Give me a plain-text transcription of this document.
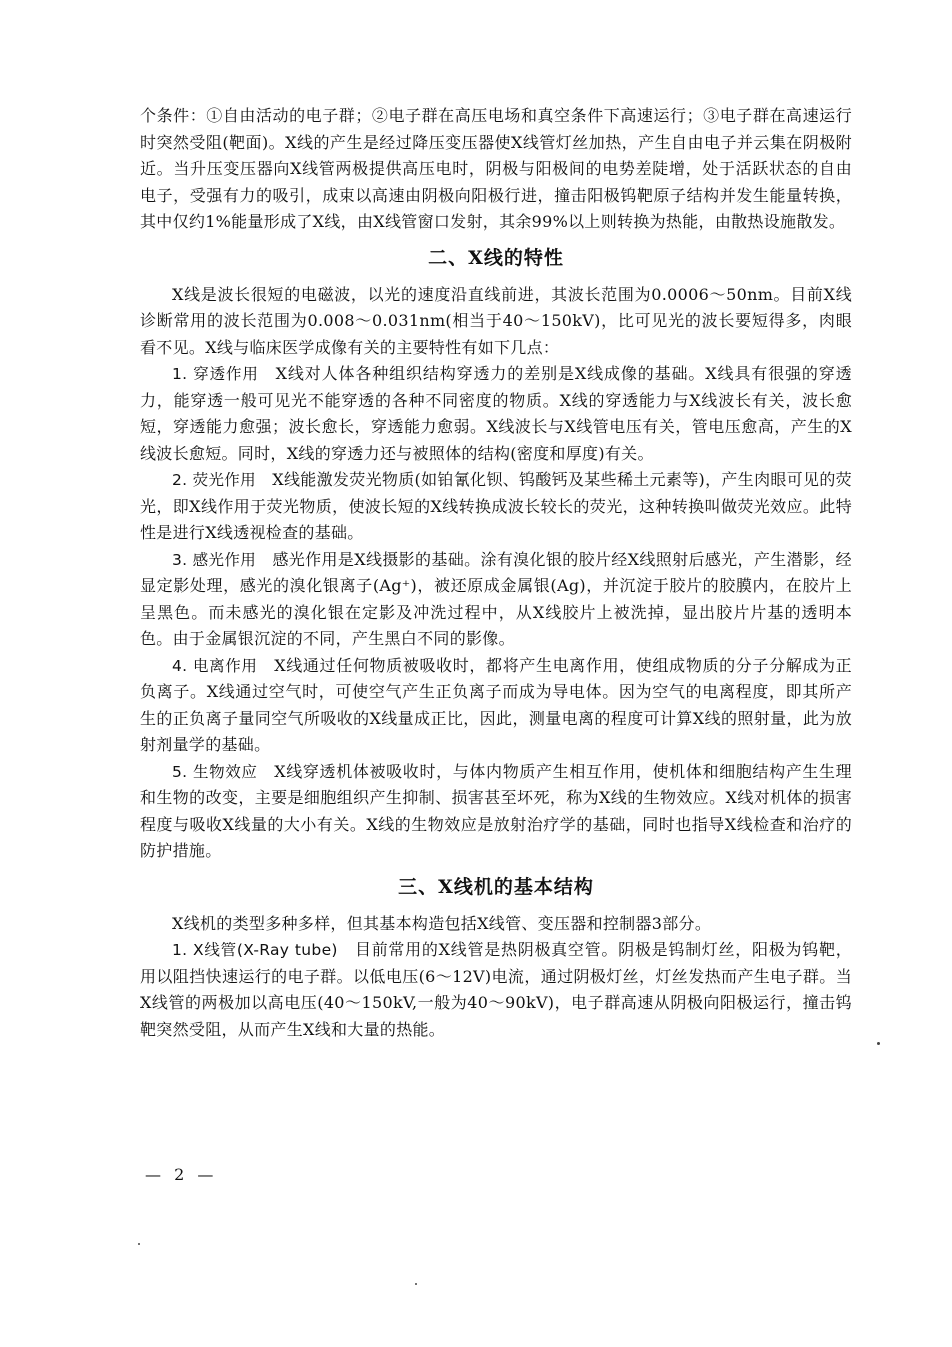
个条件：①自由活动的电子群；②电子群在高压电场和真空条件下高速运行；③电子群在高速运行时突然受阻(靶面)。X线的产生是经过降压变压器使X线管灯丝加热，产生自由电子并云集在阴极附近。当升压变压器向X线管两极提供高压电时，阴极与阳极间的电势差陡增，处于活跃状态的自由电子，受强有力的吸引，成束以高速由阴极向阳极行进，撞击阳极钨靶原子结构并发生能量转换，其中仅约1%能量形成了X线，由X线管窗口发射，其余99%以上则转换为热能，由散热设施散发。

二、X线的特性

X线是波长很短的电磁波，以光的速度沿直线前进，其波长范围为0.0006～50nm。目前X线诊断常用的波长范围为0.008～0.031nm(相当于40～150kV)，比可见光的波长要短得多，肉眼看不见。X线与临床医学成像有关的主要特性有如下几点：

1. 穿透作用　 X线对人体各种组织结构穿透力的差别是X线成像的基础。X线具有很强的穿透力，能穿透一般可见光不能穿透的各种不同密度的物质。X线的穿透能力与X线波长有关，波长愈短，穿透能力愈强；波长愈长，穿透能力愈弱。X线波长与X线管电压有关，管电压愈高，产生的X线波长愈短。同时，X线的穿透力还与被照体的结构(密度和厚度)有关。

2. 荧光作用　 X线能激发荧光物质(如铂氰化钡、钨酸钙及某些稀土元素等)，产生肉眼可见的荧光，即X线作用于荧光物质，使波长短的X线转换成波长较长的荧光，这种转换叫做荧光效应。此特性是进行X线透视检查的基础。

3. 感光作用　 感光作用是X线摄影的基础。涂有溴化银的胶片经X线照射后感光，产生潜影，经显定影处理，感光的溴化银离子(Ag⁺)，被还原成金属银(Ag)，并沉淀于胶片的胶膜内，在胶片上呈黑色。而未感光的溴化银在定影及冲洗过程中，从X线胶片上被洗掉，显出胶片片基的透明本色。由于金属银沉淀的不同，产生黑白不同的影像。

4. 电离作用　 X线通过任何物质被吸收时，都将产生电离作用，使组成物质的分子分解成为正负离子。X线通过空气时，可使空气产生正负离子而成为导电体。因为空气的电离程度，即其所产生的正负离子量同空气所吸收的X线量成正比，因此，测量电离的程度可计算X线的照射量，此为放射剂量学的基础。

5. 生物效应　 X线穿透机体被吸收时，与体内物质产生相互作用，使机体和细胞结构产生生理和生物的改变，主要是细胞组织产生抑制、损害甚至坏死，称为X线的生物效应。X线对机体的损害程度与吸收X线量的大小有关。X线的生物效应是放射治疗学的基础，同时也指导X线检查和治疗的防护措施。

三、X线机的基本结构

X线机的类型多种多样，但其基本构造包括X线管、变压器和控制器3部分。

1. X线管(X-Ray tube)　 目前常用的X线管是热阴极真空管。阴极是钨制灯丝，阳极为钨靶，用以阻挡快速运行的电子群。以低电压(6～12V)电流，通过阴极灯丝，灯丝发热而产生电子群。当X线管的两极加以高电压(40～150kV,一般为40～90kV)，电子群高速从阴极向阳极运行，撞击钨靶突然受阻，从而产生X线和大量的热能。

— 2 —
